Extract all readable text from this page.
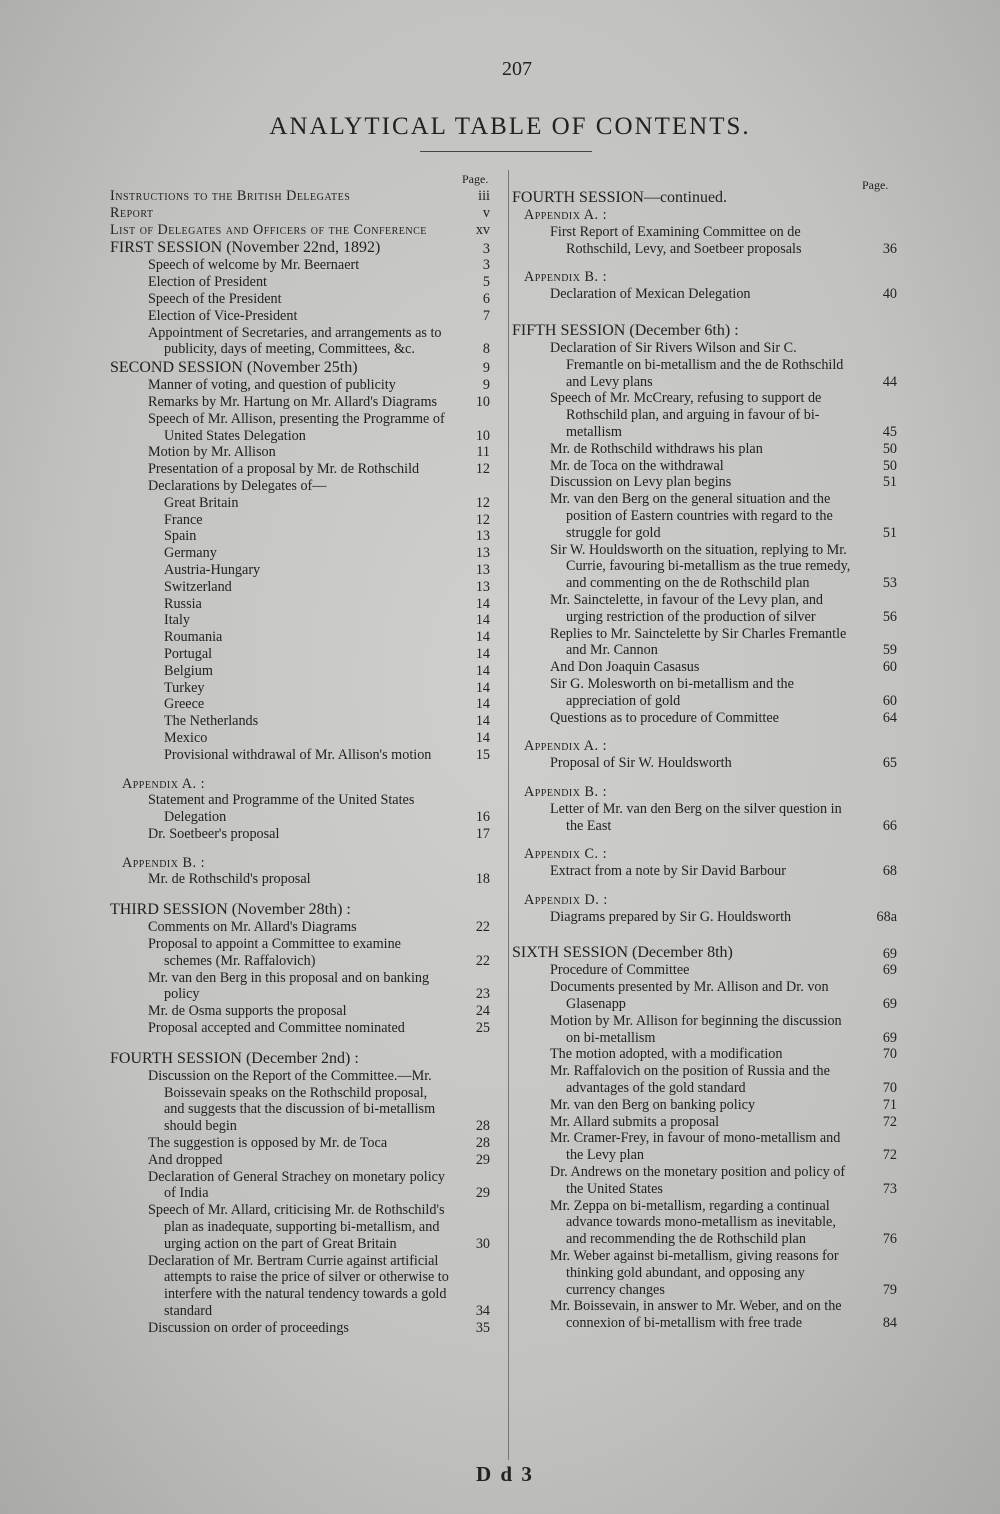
207
ANALYTICAL TABLE OF CONTENTS.
Page.	Page.
Instructions to the British Delegates	iii
Report	v
List of Delegates and Officers of the Conference	xv
FIRST SESSION (November 22nd, 1892)	3
Speech of welcome by Mr. Beernaert	3
Election of President	5
Speech of the President	6
Election of Vice-President	7
Appointment of Secretaries, and arrangements as to publicity, days of meeting, Committees, &c.	8
SECOND SESSION (November 25th)	9
Manner of voting, and question of publicity	9
Remarks by Mr. Hartung on Mr. Allard's Diagrams	10
Speech of Mr. Allison, presenting the Programme of United States Delegation	10
Motion by Mr. Allison	11
Presentation of a proposal by Mr. de Rothschild	12
Declarations by Delegates of—
Great Britain	12
France	12
Spain	13
Germany	13
Austria-Hungary	13
Switzerland	13
Russia	14
Italy	14
Roumania	14
Portugal	14
Belgium	14
Turkey	14
Greece	14
The Netherlands	14
Mexico	14
Provisional withdrawal of Mr. Allison's motion	15
Appendix A. :
Statement and Programme of the United States Delegation	16
Dr. Soetbeer's proposal	17
Appendix B. :
Mr. de Rothschild's proposal	18
THIRD SESSION (November 28th) :
Comments on Mr. Allard's Diagrams	22
Proposal to appoint a Committee to examine schemes (Mr. Raffalovich)	22
Mr. van den Berg in this proposal and on banking policy	23
Mr. de Osma supports the proposal	24
Proposal accepted and Committee nominated	25
FOURTH SESSION (December 2nd) :
Discussion on the Report of the Committee.—Mr. Boissevain speaks on the Rothschild proposal, and suggests that the discussion of bi-metallism should begin	28
The suggestion is opposed by Mr. de Toca	28
And dropped	29
Declaration of General Strachey on monetary policy of India	29
Speech of Mr. Allard, criticising Mr. de Rothschild's plan as inadequate, supporting bi-metallism, and urging action on the part of Great Britain	30
Declaration of Mr. Bertram Currie against artificial attempts to raise the price of silver or otherwise to interfere with the natural tendency towards a gold standard	34
Discussion on order of proceedings	35
FOURTH SESSION—continued.
Appendix A. :
First Report of Examining Committee on de Rothschild, Levy, and Soetbeer proposals	36
Appendix B. :
Declaration of Mexican Delegation	40
FIFTH SESSION (December 6th) :
Declaration of Sir Rivers Wilson and Sir C. Fremantle on bi-metallism and the de Rothschild and Levy plans	44
Speech of Mr. McCreary, refusing to support de Rothschild plan, and arguing in favour of bi-metallism	45
Mr. de Rothschild withdraws his plan	50
Mr. de Toca on the withdrawal	50
Discussion on Levy plan begins	51
Mr. van den Berg on the general situation and the position of Eastern countries with regard to the struggle for gold	51
Sir W. Houldsworth on the situation, replying to Mr. Currie, favouring bi-metallism as the true remedy, and commenting on the de Rothschild plan	53
Mr. Sainctelette, in favour of the Levy plan, and urging restriction of the production of silver	56
Replies to Mr. Sainctelette by Sir Charles Fremantle and Mr. Cannon	59
And Don Joaquin Casasus	60
Sir G. Molesworth on bi-metallism and the appreciation of gold	60
Questions as to procedure of Committee	64
Appendix A. :
Proposal of Sir W. Houldsworth	65
Appendix B. :
Letter of Mr. van den Berg on the silver question in the East	66
Appendix C. :
Extract from a note by Sir David Barbour	68
Appendix D. :
Diagrams prepared by Sir G. Houldsworth	68a
SIXTH SESSION (December 8th)	69
Procedure of Committee	69
Documents presented by Mr. Allison and Dr. von Glasenapp	69
Motion by Mr. Allison for beginning the discussion on bi-metallism	69
The motion adopted, with a modification	70
Mr. Raffalovich on the position of Russia and the advantages of the gold standard	70
Mr. van den Berg on banking policy	71
Mr. Allard submits a proposal	72
Mr. Cramer-Frey, in favour of mono-metallism and the Levy plan	72
Dr. Andrews on the monetary position and policy of the United States	73
Mr. Zeppa on bi-metallism, regarding a continual advance towards mono-metallism as inevitable, and recommending the de Rothschild plan	76
Mr. Weber against bi-metallism, giving reasons for thinking gold abundant, and opposing any currency changes	79
Mr. Boissevain, in answer to Mr. Weber, and on the connexion of bi-metallism with free trade	84
D d 3
